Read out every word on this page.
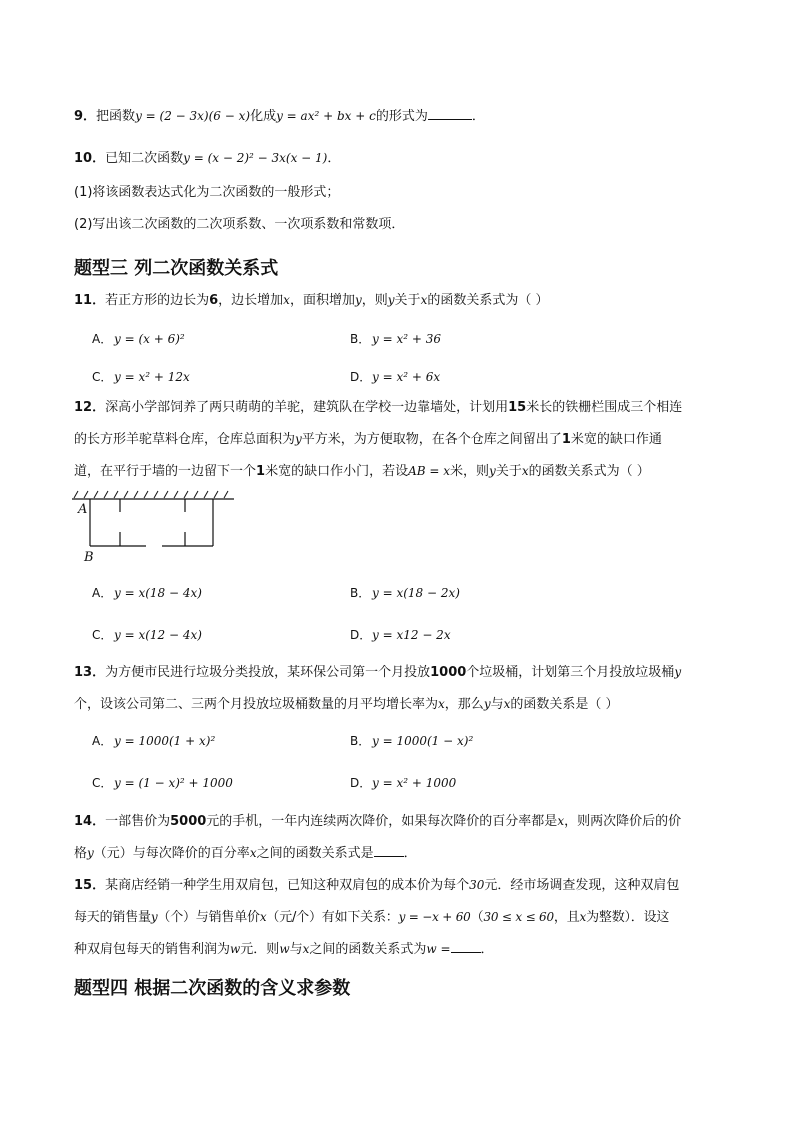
9．把函数y = (2 − 3x)(6 − x)化成y = ax² + bx + c的形式为	．
10．已知二次函数y = (x − 2)² − 3x(x − 1)．
(1)将该函数表达式化为二次函数的一般形式；
(2)写出该二次函数的二次项系数、一次项系数和常数项．
题型三 列二次函数关系式
11．若正方形的边长为6，边长增加x，面积增加y，则y关于x的函数关系式为（ ）
A． y = (x + 6)²	B． y = x² + 36
C． y = x² + 12x	D．y = x² + 6x
12．深高小学部饲养了两只萌萌的羊驼，建筑队在学校一边靠墙处，计划用15米长的铁栅栏围成三个相连
的长方形羊驼草料仓库，仓库总面积为y平方米，为方便取物，在各个仓库之间留出了1米宽的缺口作通
道，在平行于墙的一边留下一个1米宽的缺口作小门，若设AB = x米，则y关于x的函数关系式为（ ）
A
B
A． y = x(18 − 4x)	B． y = x(18 − 2x)
C． y = x(12 − 4x)	D．y = x12 − 2x
13．为方便市民进行垃圾分类投放，某环保公司第一个月投放1000个垃圾桶，计划第三个月投放垃圾桶y
个，设该公司第二、三两个月投放垃圾桶数量的月平均增长率为x，那么y与x的函数关系是（ ）
A． y = 1000(1 + x)²	B． y = 1000(1 − x)²
C． y = (1 − x)² + 1000	D．y = x² + 1000
14．一部售价为5000元的手机，一年内连续两次降价，如果每次降价的百分率都是x，则两次降价后的价
格y（元）与每次降价的百分率x之间的函数关系式是 ．
15．某商店经销一种学生用双肩包，已知这种双肩包的成本价为每个30元．经市场调查发现，这种双肩包
每天的销售量y（个）与销售单价x（元/个）有如下关系：y = −x + 60（30 ≤ x ≤ 60，且x为整数）．设这
种双肩包每天的销售利润为w元．则w与x之间的函数关系式为w = ．
题型四 根据二次函数的含义求参数
